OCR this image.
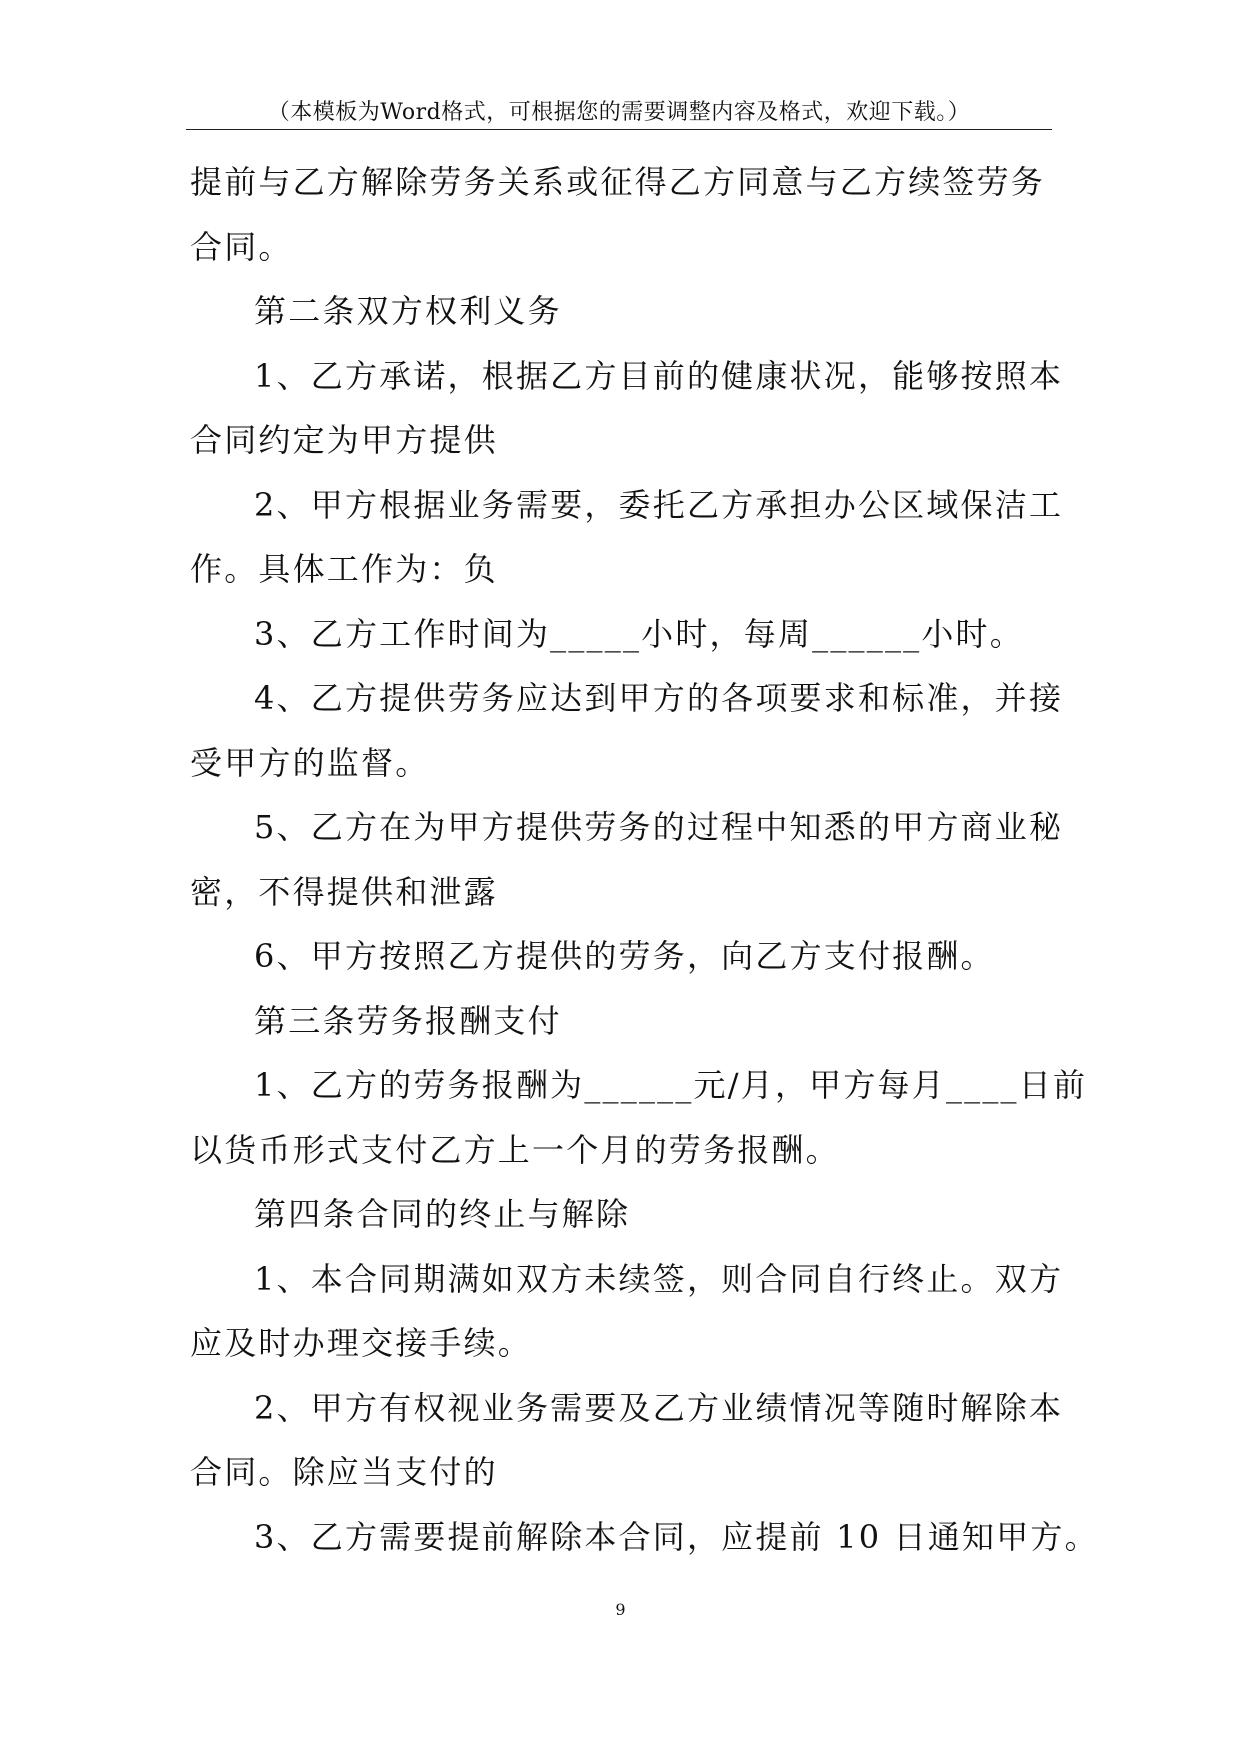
（本模板为Word格式，可根据您的需要调整内容及格式，欢迎下载。）
提前与乙方解除劳务关系或征得乙方同意与乙方续签劳务
合同。
第二条双方权利义务
1、乙方承诺，根据乙方目前的健康状况，能够按照本
合同约定为甲方提供
2、甲方根据业务需要，委托乙方承担办公区域保洁工
作。具体工作为：负
3、乙方工作时间为_____小时，每周______小时。
4、乙方提供劳务应达到甲方的各项要求和标准，并接
受甲方的监督。
5、乙方在为甲方提供劳务的过程中知悉的甲方商业秘
密，不得提供和泄露
6、甲方按照乙方提供的劳务，向乙方支付报酬。
第三条劳务报酬支付
1、乙方的劳务报酬为______元/月，甲方每月____日前
以货币形式支付乙方上一个月的劳务报酬。
第四条合同的终止与解除
1、本合同期满如双方未续签，则合同自行终止。双方
应及时办理交接手续。
2、甲方有权视业务需要及乙方业绩情况等随时解除本
合同。除应当支付的
3、乙方需要提前解除本合同，应提前 10 日通知甲方。
9
